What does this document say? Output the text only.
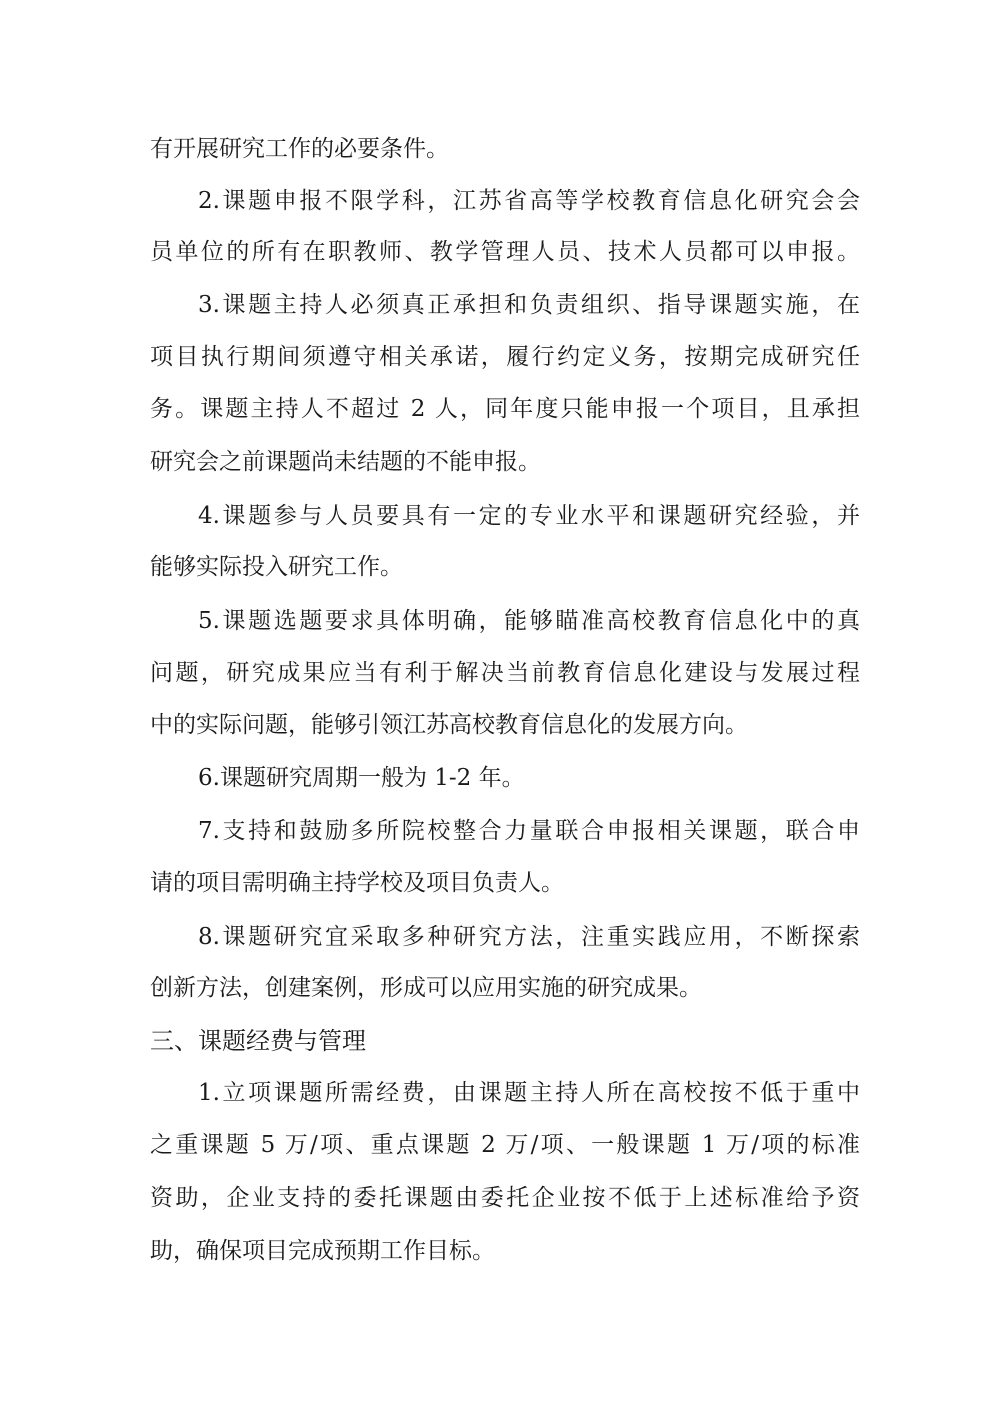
有开展研究工作的必要条件。
2.课题申报不限学科，江苏省高等学校教育信息化研究会会
员单位的所有在职教师、教学管理人员、技术人员都可以申报。
3.课题主持人必须真正承担和负责组织、指导课题实施，在
项目执行期间须遵守相关承诺，履行约定义务，按期完成研究任
务。课题主持人不超过 2 人，同年度只能申报一个项目，且承担
研究会之前课题尚未结题的不能申报。
4.课题参与人员要具有一定的专业水平和课题研究经验，并
能够实际投入研究工作。
5.课题选题要求具体明确，能够瞄准高校教育信息化中的真
问题，研究成果应当有利于解决当前教育信息化建设与发展过程
中的实际问题，能够引领江苏高校教育信息化的发展方向。
6.课题研究周期一般为 1-2 年。
7.支持和鼓励多所院校整合力量联合申报相关课题，联合申
请的项目需明确主持学校及项目负责人。
8.课题研究宜采取多种研究方法，注重实践应用，不断探索
创新方法，创建案例，形成可以应用实施的研究成果。
三、课题经费与管理
1.立项课题所需经费，由课题主持人所在高校按不低于重中
之重课题 5 万/项、重点课题 2 万/项、一般课题 1 万/项的标准
资助，企业支持的委托课题由委托企业按不低于上述标准给予资
助，确保项目完成预期工作目标。
